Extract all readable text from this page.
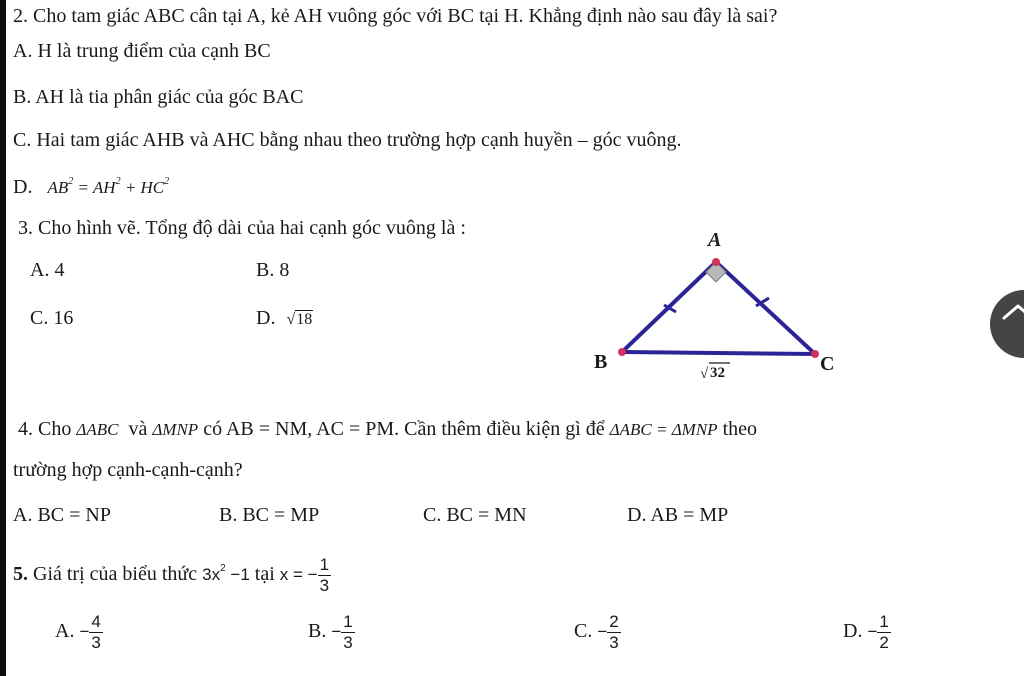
2. Cho tam giác ABC cân tại A, kẻ AH vuông góc với BC tại H. Khẳng định nào sau đây là sai?
A. H là trung điểm của cạnh BC
B. AH là tia phân giác của góc BAC
C. Hai tam giác AHB và AHC bằng nhau theo trường hợp cạnh huyền – góc vuông.
D. $AB^2 = AH^2 + HC^2$
3. Cho hình vẽ. Tổng độ dài của hai cạnh góc vuông là :
A. 4	B. 8
C. 16	D. √18
A
B	C
√ 32
4. Cho ΔABC và ΔMNP có AB = NM, AC = PM. Cần thêm điều kiện gì để ΔABC = ΔMNP theo
trường hợp cạnh-cạnh-cạnh?
A. BC = NP	B. BC = MP	C. BC = MN	D. AB = MP
5. Giá trị của biểu thức $3x^2 -1$ tại x = − $\frac{1}{3}$
A. − $\frac{4}{3}$	B. − $\frac{1}{3}$	C. − $\frac{2}{3}$	D. − $\frac{1}{2}$
